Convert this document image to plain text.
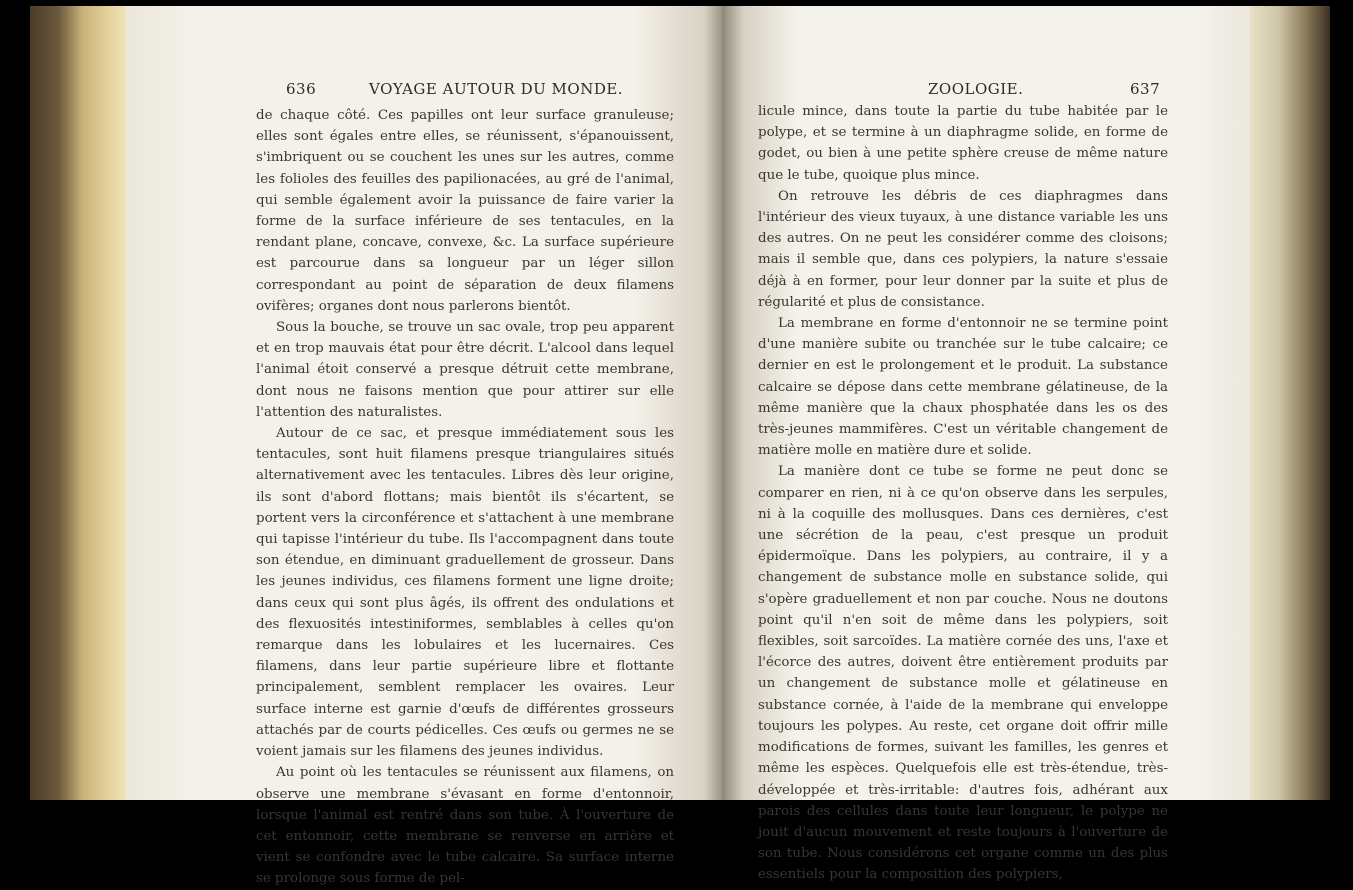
636	VOYAGE AUTOUR DU MONDE.

de chaque côté. Ces papilles ont leur surface granuleuse; elles sont égales entre elles, se réunissent, s'épanouissent, s'imbriquent ou se couchent les unes sur les autres, comme les folioles des feuilles des papilionacées, au gré de l'animal, qui semble également avoir la puissance de faire varier la forme de la surface inférieure de ses tentacules, en la rendant plane, concave, convexe, &c. La surface supérieure est parcourue dans sa longueur par un léger sillon correspondant au point de séparation de deux filamens ovifères; organes dont nous parlerons bientôt.

Sous la bouche, se trouve un sac ovale, trop peu apparent et en trop mauvais état pour être décrit. L'alcool dans lequel l'animal étoit conservé a presque détruit cette membrane, dont nous ne faisons mention que pour attirer sur elle l'attention des naturalistes.

Autour de ce sac, et presque immédiatement sous les tentacules, sont huit filamens presque triangulaires situés alternativement avec les tentacules. Libres dès leur origine, ils sont d'abord flottans; mais bientôt ils s'écartent, se portent vers la circonférence et s'attachent à une membrane qui tapisse l'intérieur du tube. Ils l'accompagnent dans toute son étendue, en diminuant graduellement de grosseur. Dans les jeunes individus, ces filamens forment une ligne droite; dans ceux qui sont plus âgés, ils offrent des ondulations et des flexuosités intestiniformes, semblables à celles qu'on remarque dans les lobulaires et les lucernaires. Ces filamens, dans leur partie supérieure libre et flottante principalement, semblent remplacer les ovaires. Leur surface interne est garnie d'œufs de différentes grosseurs attachés par de courts pédicelles. Ces œufs ou germes ne se voient jamais sur les filamens des jeunes individus.

Au point où les tentacules se réunissent aux filamens, on observe une membrane s'évasant en forme d'entonnoir, lorsque l'animal est rentré dans son tube. À l'ouverture de cet entonnoir, cette membrane se renverse en arrière et vient se confondre avec le tube calcaire. Sa surface interne se prolonge sous forme de pel-

ZOOLOGIE.	637

licule mince, dans toute la partie du tube habitée par le polype, et se termine à un diaphragme solide, en forme de godet, ou bien à une petite sphère creuse de même nature que le tube, quoique plus mince.

On retrouve les débris de ces diaphragmes dans l'intérieur des vieux tuyaux, à une distance variable les uns des autres. On ne peut les considérer comme des cloisons; mais il semble que, dans ces polypiers, la nature s'essaie déjà à en former, pour leur donner par la suite et plus de régularité et plus de consistance.

La membrane en forme d'entonnoir ne se termine point d'une manière subite ou tranchée sur le tube calcaire; ce dernier en est le prolongement et le produit. La substance calcaire se dépose dans cette membrane gélatineuse, de la même manière que la chaux phosphatée dans les os des très-jeunes mammifères. C'est un véritable changement de matière molle en matière dure et solide.

La manière dont ce tube se forme ne peut donc se comparer en rien, ni à ce qu'on observe dans les serpules, ni à la coquille des mollusques. Dans ces dernières, c'est une sécrétion de la peau, c'est presque un produit épidermoïque. Dans les polypiers, au contraire, il y a changement de substance molle en substance solide, qui s'opère graduellement et non par couche. Nous ne doutons point qu'il n'en soit de même dans les polypiers, soit flexibles, soit sarcoïdes. La matière cornée des uns, l'axe et l'écorce des autres, doivent être entièrement produits par un changement de substance molle et gélatineuse en substance cornée, à l'aide de la membrane qui enveloppe toujours les polypes. Au reste, cet organe doit offrir mille modifications de formes, suivant les familles, les genres et même les espèces. Quelquefois elle est très-étendue, très-développée et très-irritable: d'autres fois, adhérant aux parois des cellules dans toute leur longueur, le polype ne jouit d'aucun mouvement et reste toujours à l'ouverture de son tube. Nous considérons cet organe comme un des plus essentiels pour la composition des polypiers,
